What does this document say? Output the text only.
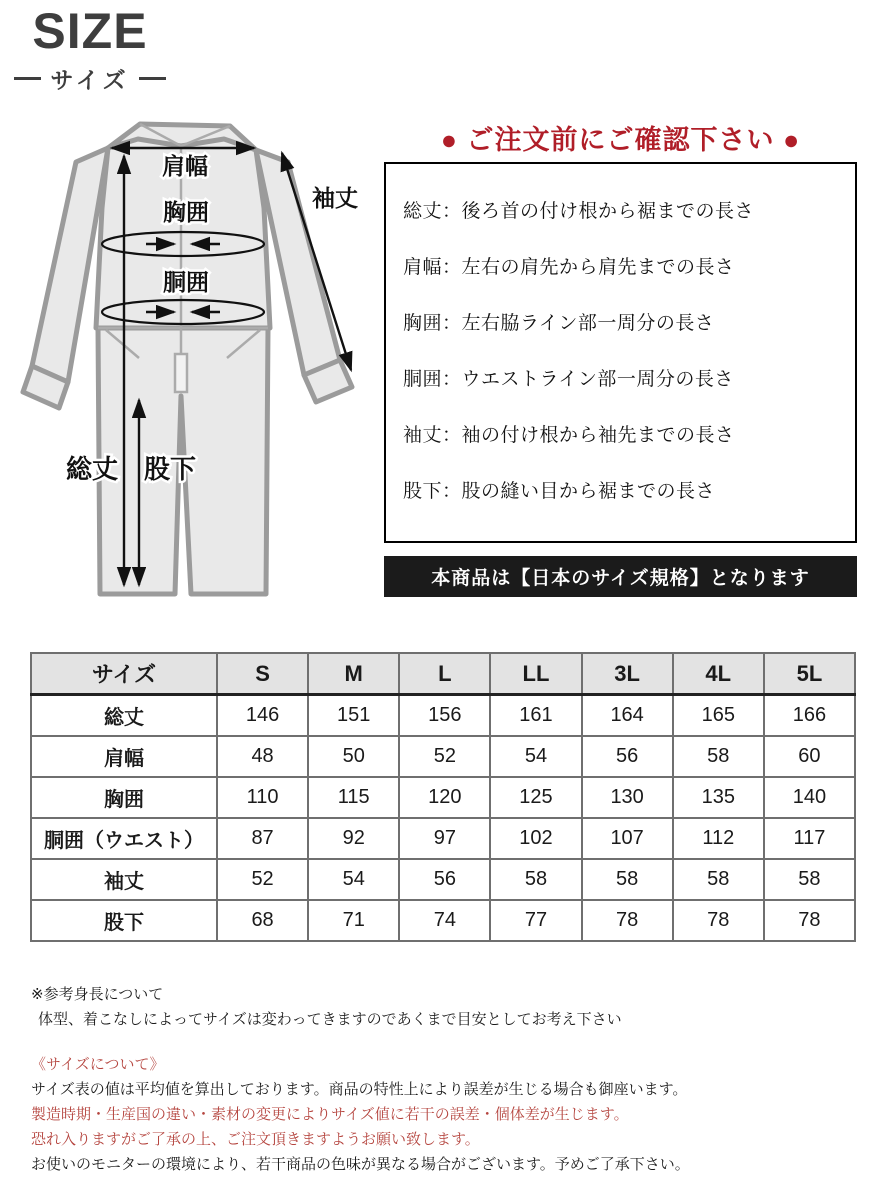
SIZE
サイズ
肩幅
袖丈
胸囲
胴囲
総丈 股下
● ご注文前にご確認下さい ●
総丈：後ろ首の付け根から裾までの長さ
肩幅：左右の肩先から肩先までの長さ
胸囲：左右脇ライン部一周分の長さ
胴囲：ウエストライン部一周分の長さ
袖丈：袖の付け根から袖先までの長さ
股下：股の縫い目から裾までの長さ
本商品は【日本のサイズ規格】となります
サイズ	S	M	L	LL	3L	4L	5L
総丈	146	151	156	161	164	165	166
肩幅	48	50	52	54	56	58	60
胸囲	110	115	120	125	130	135	140
胴囲（ウエスト）	87	92	97	102	107	112	117
袖丈	52	54	56	58	58	58	58
股下	68	71	74	77	78	78	78
※参考身長について
体型、着こなしによってサイズは変わってきますのであくまで目安としてお考え下さい
《サイズについて》
サイズ表の値は平均値を算出しております。商品の特性上により誤差が生じる場合も御座います。
製造時期・生産国の違い・素材の変更によりサイズ値に若干の誤差・個体差が生じます。
恐れ入りますがご了承の上、ご注文頂きますようお願い致します。
お使いのモニターの環境により、若干商品の色味が異なる場合がございます。予めご了承下さい。
